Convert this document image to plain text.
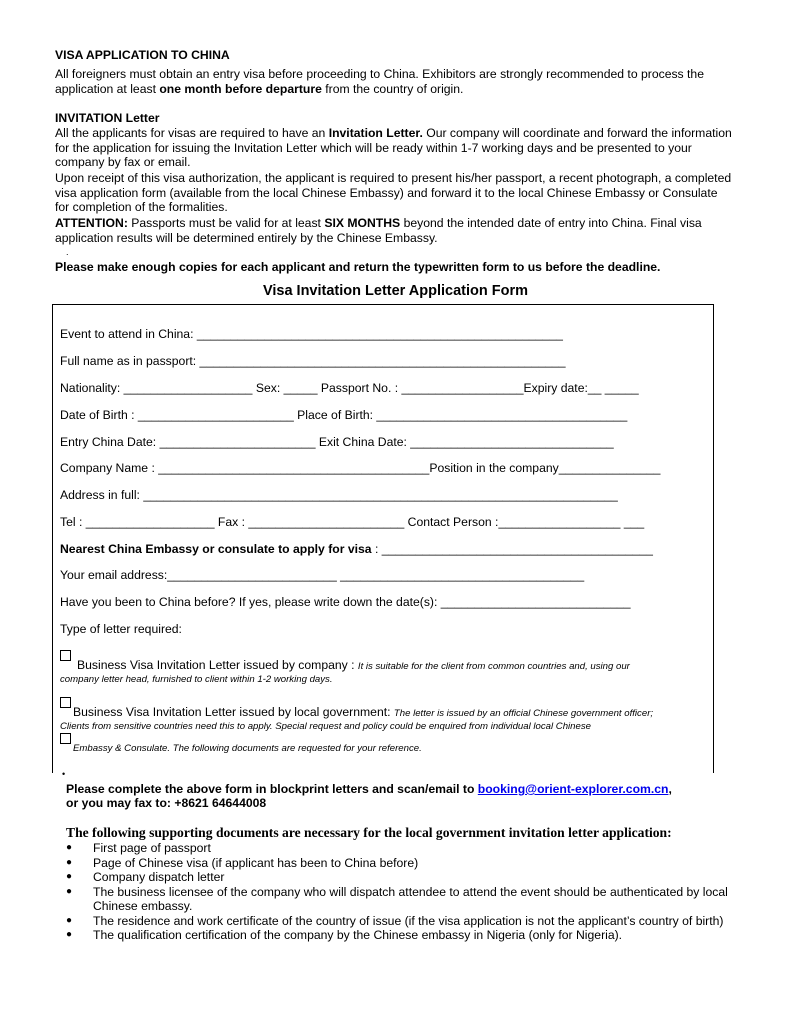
VISA APPLICATION TO CHINA
All foreigners must obtain an entry visa before proceeding to China. Exhibitors are strongly recommended to process the application at least one month before departure from the country of origin.
INVITATION Letter
All the applicants for visas are required to have an Invitation Letter. Our company will coordinate and forward the information for the application for issuing the Invitation Letter which will be ready within 1-7 working days and be presented to your company by fax or email.
Upon receipt of this visa authorization, the applicant is required to present his/her passport, a recent photograph, a completed visa application form (available from the local Chinese Embassy) and forward it to the local Chinese Embassy or Consulate for completion of the formalities.
ATTENTION: Passports must be valid for at least SIX MONTHS beyond the intended date of entry into China. Final visa application results will be determined entirely by the Chinese Embassy.
.
Please make enough copies for each applicant and return the typewritten form to us before the deadline.
Visa Invitation Letter Application Form
Event to attend in China: ______________________________________________________
Full name as in passport: ______________________________________________________
Nationality: ___________________ Sex: _____ Passport No. : __________________Expiry date:__ _____
Date of Birth : _______________________ Place of Birth: _____________________________________
Entry China Date: _______________________ Exit China Date: ______________________________
Company Name : ________________________________________Position in the company_______________
Address in full: ______________________________________________________________________
Tel : ___________________ Fax : _______________________ Contact Person :__________________ ___
Nearest China Embassy or consulate to apply for visa : ________________________________________
Your email address:_________________________ ____________________________________
Have you been to China before? If yes, please write down the date(s): ____________________________
Type of letter required:
Business Visa Invitation Letter issued by company : It is suitable for the client from common countries and, using our
company letter head, furnished to client within 1-2 working days.
Business Visa Invitation Letter issued by local government: The letter is issued by an official Chinese government officer;
Clients from sensitive countries need this to apply. Special request and policy could be enquired from individual local Chinese
Embassy & Consulate. The following documents are requested for your reference.
•
Please complete the above form in blockprint letters and scan/email to booking@orient-explorer.com.cn,
or you may fax to: +8621 64644008
The following supporting documents are necessary for the local government invitation letter application:
● First page of passport
● Page of Chinese visa (if applicant has been to China before)
● Company dispatch letter
● The business licensee of the company who will dispatch attendee to attend the event should be authenticated by local Chinese embassy.
● The residence and work certificate of the country of issue (if the visa application is not the applicant’s country of birth)
● The qualification certification of the company by the Chinese embassy in Nigeria (only for Nigeria).
